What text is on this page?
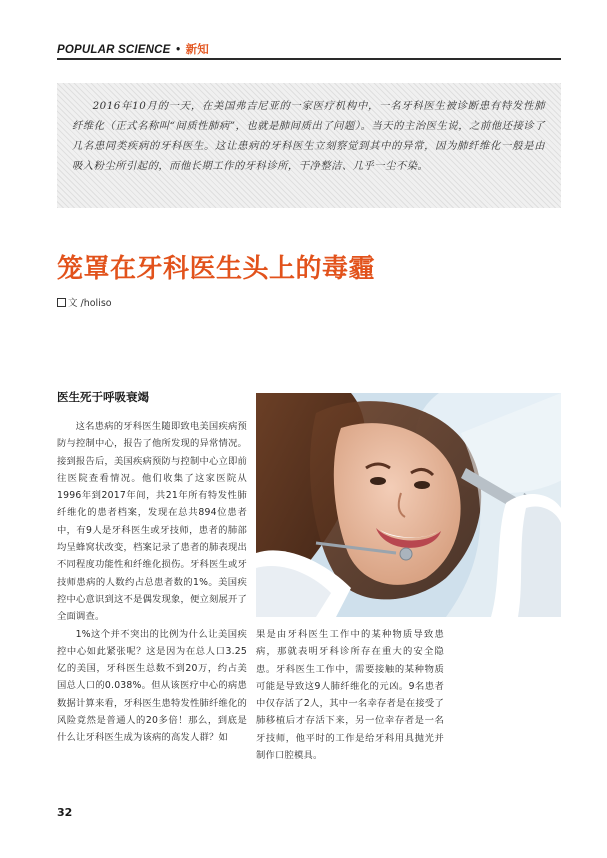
POPULAR SCIENCE • 新知

2016年10月的一天，在美国弗吉尼亚的一家医疗机构中，一名牙科医生被诊断患有特发性肺纤维化（正式名称叫“间质性肺病”，也就是肺间质出了问题）。当天的主治医生说，之前他还接诊了几名患同类疾病的牙科医生。这让患病的牙科医生立刻察觉到其中的异常，因为肺纤维化一般是由吸入粉尘所引起的，而他长期工作的牙科诊所，干净整洁、几乎一尘不染。

笼罩在牙科医生头上的毒霾
文 /holiso
医生死于呼吸衰竭

这名患病的牙科医生随即致电美国疾病预防与控制中心，报告了他所发现的异常情况。接到报告后，美国疾病预防与控制中心立即前往医院查看情况。他们收集了这家医院从1996年到2017年间，共21年所有特发性肺纤维化的患者档案，发现在总共894位患者中，有9人是牙科医生或牙技师，患者的肺部均呈蜂窝状改变，档案记录了患者的肺表现出不同程度功能性和纤维化损伤。牙科医生或牙技师患病的人数约占总患者数的1%。美国疾控中心意识到这不是偶发现象，便立刻展开了全面调查。

1%这个并不突出的比例为什么让美国疾控中心如此紧张呢？这是因为在总人口3.25亿的美国，牙科医生总数不到20万，约占美国总人口的0.038%。但从该医疗中心的病患数据计算来看，牙科医生患特发性肺纤维化的风险竟然是普通人的20多倍！那么，到底是什么让牙科医生成为该病的高发人群？如

果是由牙科医生工作中的某种物质导致患病，那就表明牙科诊所存在重大的安全隐患。牙科医生工作中，需要接触的某种物质可能是导致这9人肺纤维化的元凶。9名患者中仅存活了2人，其中一名幸存者是在接受了肺移植后才存活下来，另一位幸存者是一名牙技师，他平时的工作是给牙科用具抛光并制作口腔模具。

32
